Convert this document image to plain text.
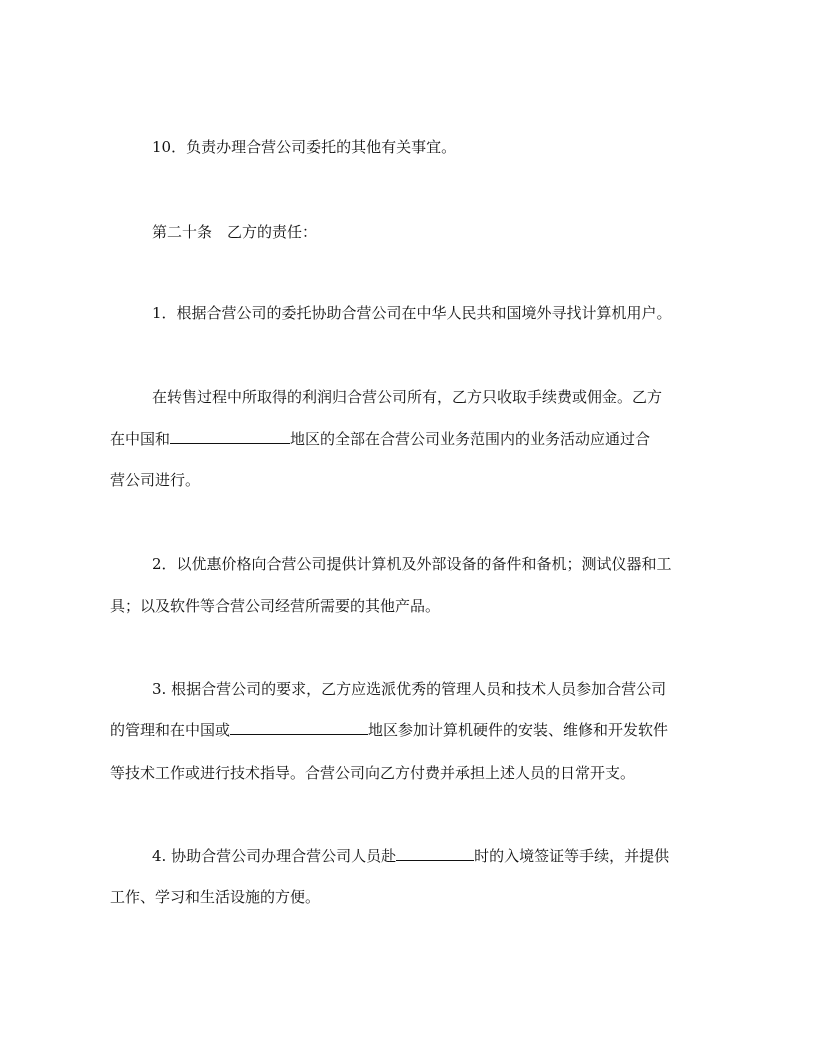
10．负责办理合营公司委托的其他有关事宜。
第二十条　乙方的责任：
1．根据合营公司的委托协助合营公司在中华人民共和国境外寻找计算机用户。
在转售过程中所取得的利润归合营公司所有，乙方只收取手续费或佣金。乙方
在中国和	地区的全部在合营公司业务范围内的业务活动应通过合
营公司进行。
2．以优惠价格向合营公司提供计算机及外部设备的备件和备机；测试仪器和工
具；以及软件等合营公司经营所需要的其他产品。
3. 根据合营公司的要求，乙方应选派优秀的管理人员和技术人员参加合营公司
的管理和在中国或	地区参加计算机硬件的安装、维修和开发软件
等技术工作或进行技术指导。合营公司向乙方付费并承担上述人员的日常开支。
4. 协助合营公司办理合营公司人员赴	时的入境签证等手续，并提供
工作、学习和生活设施的方便。
